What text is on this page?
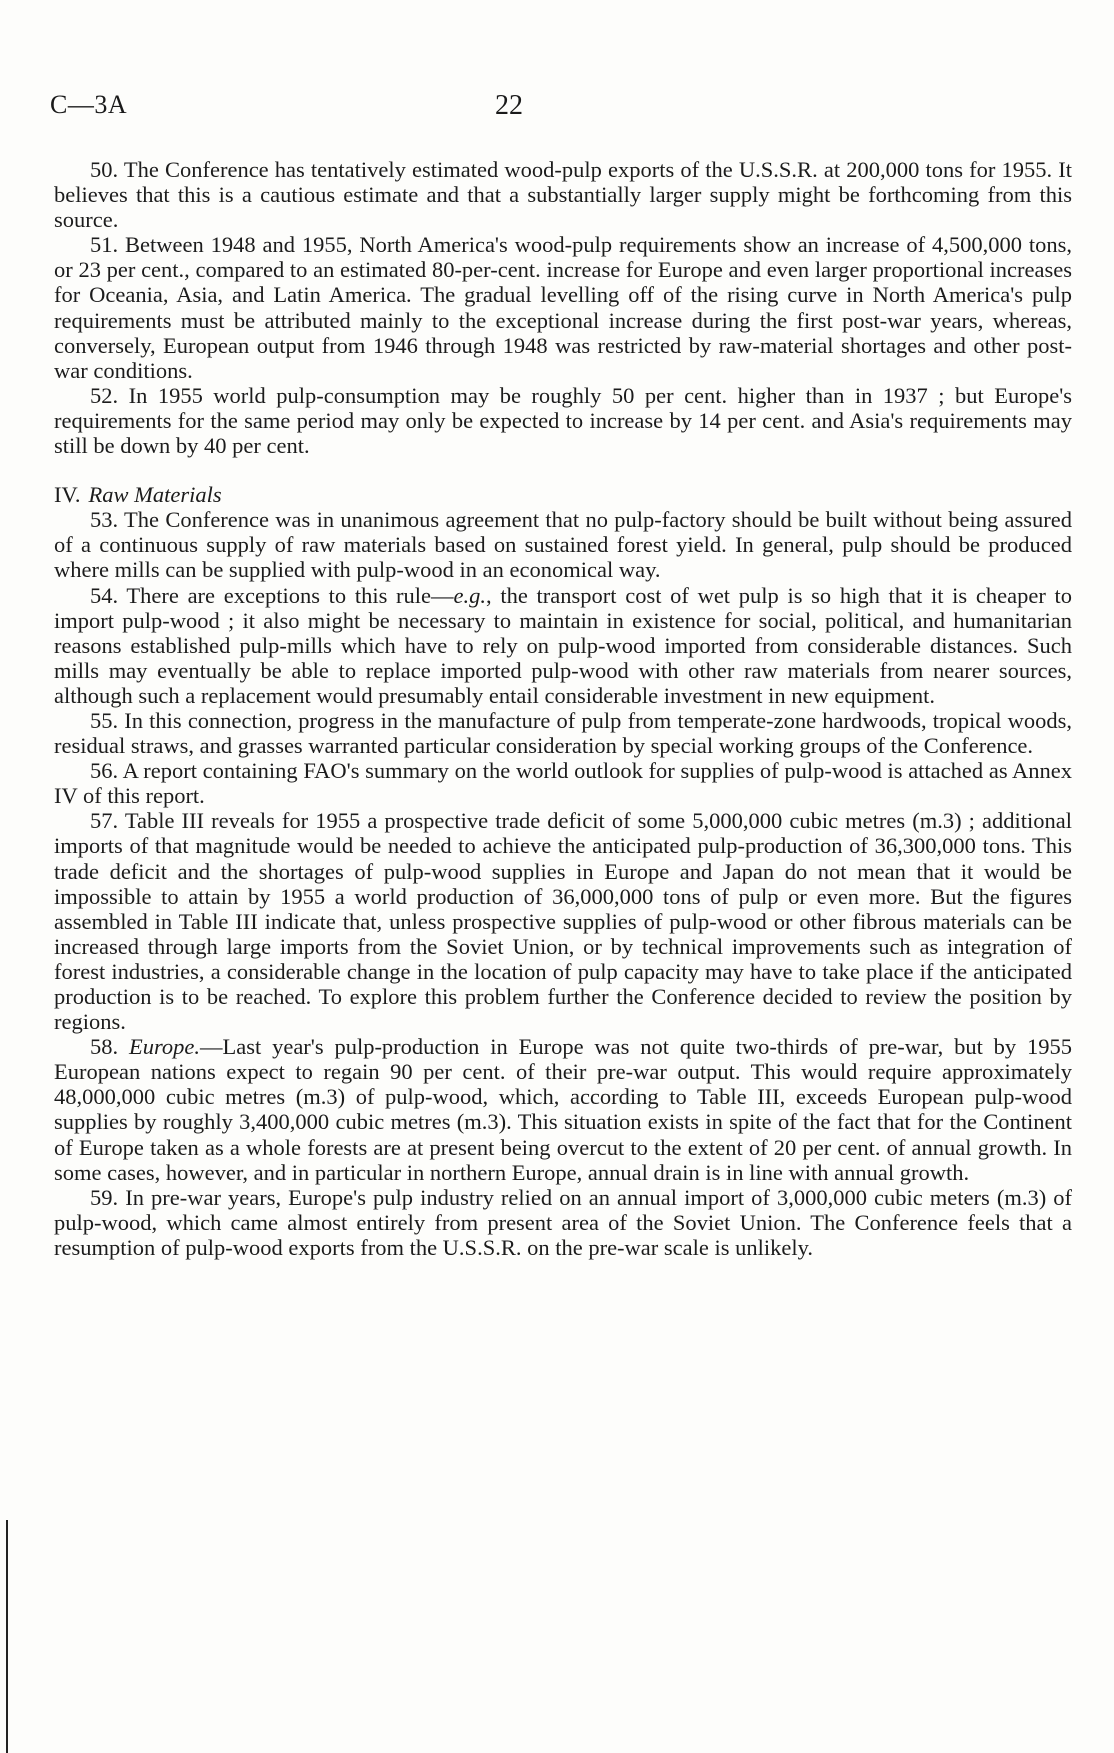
C—3A	22

50. The Conference has tentatively estimated wood-pulp exports of the U.S.S.R. at 200,000 tons for 1955. It believes that this is a cautious estimate and that a substantially larger supply might be forthcoming from this source.

51. Between 1948 and 1955, North America's wood-pulp requirements show an increase of 4,500,000 tons, or 23 per cent., compared to an estimated 80-per-cent. increase for Europe and even larger proportional increases for Oceania, Asia, and Latin America. The gradual levelling off of the rising curve in North America's pulp requirements must be attributed mainly to the exceptional increase during the first post-war years, whereas, conversely, European output from 1946 through 1948 was restricted by raw-material shortages and other post-war conditions.

52. In 1955 world pulp-consumption may be roughly 50 per cent. higher than in 1937 ; but Europe's requirements for the same period may only be expected to increase by 14 per cent. and Asia's requirements may still be down by 40 per cent.

IV. Raw Materials

53. The Conference was in unanimous agreement that no pulp-factory should be built without being assured of a continuous supply of raw materials based on sustained forest yield. In general, pulp should be produced where mills can be supplied with pulp-wood in an economical way.

54. There are exceptions to this rule—e.g., the transport cost of wet pulp is so high that it is cheaper to import pulp-wood ; it also might be necessary to maintain in existence for social, political, and humanitarian reasons established pulp-mills which have to rely on pulp-wood imported from considerable distances. Such mills may eventually be able to replace imported pulp-wood with other raw materials from nearer sources, although such a replacement would presumably entail considerable investment in new equipment.

55. In this connection, progress in the manufacture of pulp from temperate-zone hardwoods, tropical woods, residual straws, and grasses warranted particular consideration by special working groups of the Conference.

56. A report containing FAO's summary on the world outlook for supplies of pulp-wood is attached as Annex IV of this report.

57. Table III reveals for 1955 a prospective trade deficit of some 5,000,000 cubic metres (m.3) ; additional imports of that magnitude would be needed to achieve the anticipated pulp-production of 36,300,000 tons. This trade deficit and the shortages of pulp-wood supplies in Europe and Japan do not mean that it would be impossible to attain by 1955 a world production of 36,000,000 tons of pulp or even more. But the figures assembled in Table III indicate that, unless prospective supplies of pulp-wood or other fibrous materials can be increased through large imports from the Soviet Union, or by technical improvements such as integration of forest industries, a considerable change in the location of pulp capacity may have to take place if the anticipated production is to be reached. To explore this problem further the Conference decided to review the position by regions.

58. Europe.—Last year's pulp-production in Europe was not quite two-thirds of pre-war, but by 1955 European nations expect to regain 90 per cent. of their pre-war output. This would require approximately 48,000,000 cubic metres (m.3) of pulp-wood, which, according to Table III, exceeds European pulp-wood supplies by roughly 3,400,000 cubic metres (m.3). This situation exists in spite of the fact that for the Continent of Europe taken as a whole forests are at present being overcut to the extent of 20 per cent. of annual growth. In some cases, however, and in particular in northern Europe, annual drain is in line with annual growth.

59. In pre-war years, Europe's pulp industry relied on an annual import of 3,000,000 cubic meters (m.3) of pulp-wood, which came almost entirely from present area of the Soviet Union. The Conference feels that a resumption of pulp-wood exports from the U.S.S.R. on the pre-war scale is unlikely.
